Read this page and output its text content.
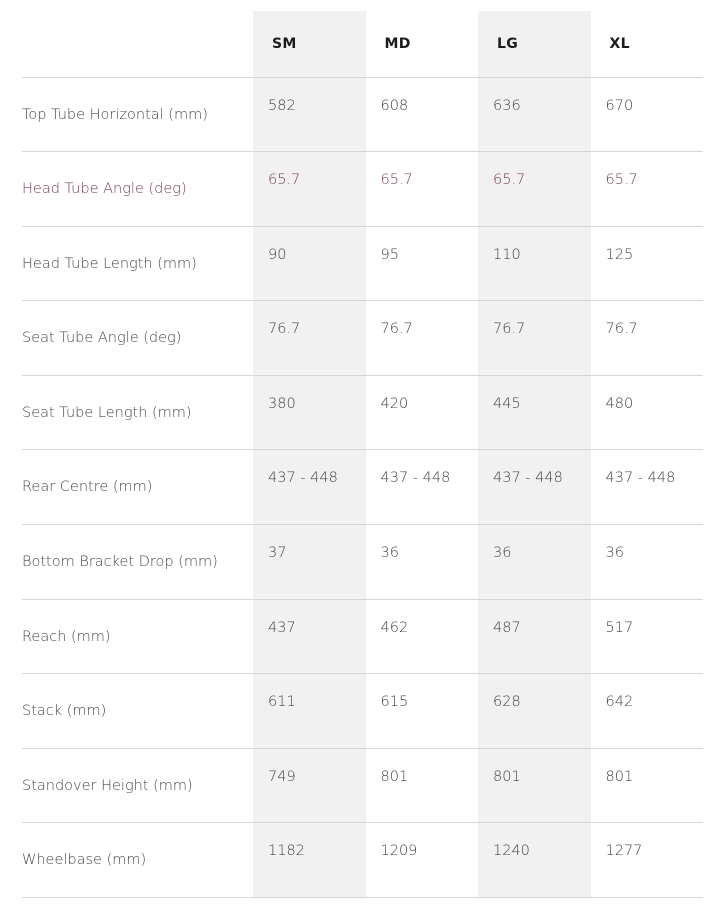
	SM	MD	LG	XL
Top Tube Horizontal (mm)	582	608	636	670
Head Tube Angle (deg)	65.7	65.7	65.7	65.7
Head Tube Length (mm)	90	95	110	125
Seat Tube Angle (deg)	76.7	76.7	76.7	76.7
Seat Tube Length (mm)	380	420	445	480
Rear Centre (mm)	437 - 448	437 - 448	437 - 448	437 - 448
Bottom Bracket Drop (mm)	37	36	36	36
Reach (mm)	437	462	487	517
Stack (mm)	611	615	628	642
Standover Height (mm)	749	801	801	801
Wheelbase (mm)	1182	1209	1240	1277
